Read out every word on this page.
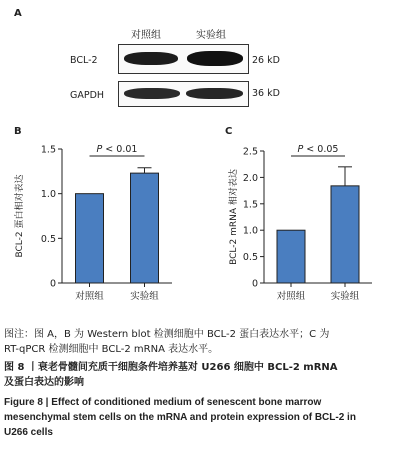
A
对照组	实验组
BCL-2	26 kD
GAPDH	36 kD
B	C
0
0.5
1.0
1.5
BCL-2 蛋白相对表达
对照组	实验组
P < 0.01
0
0.5
1.0
1.5
2.0
2.5
BCL-2 mRNA 相对表达
对照组	实验组
P < 0.05
图注：图 A，B 为 Western blot 检测细胞中 BCL-2 蛋白表达水平；C 为
RT-qPCR 检测细胞中 BCL-2 mRNA 表达水平。
图 8 丨衰老骨髓间充质干细胞条件培养基对 U266 细胞中 BCL-2 mRNA
及蛋白表达的影响
Figure 8 | Effect of conditioned medium of senescent bone marrow
mesenchymal stem cells on the mRNA and protein expression of BCL-2 in
U266 cells
